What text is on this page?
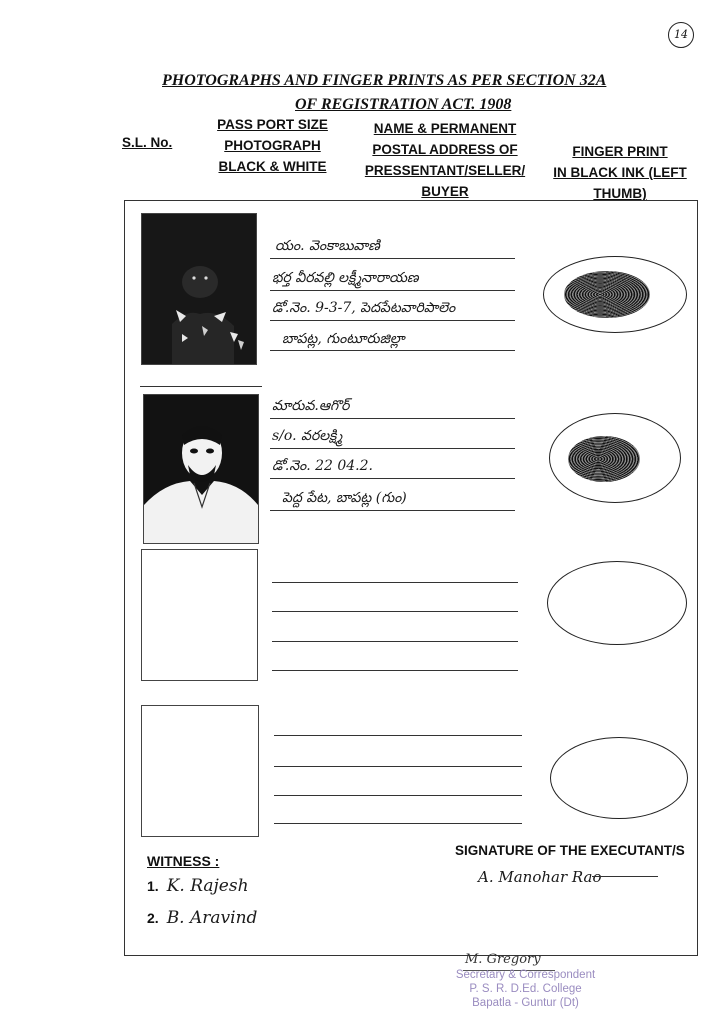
14
PHOTOGRAPHS AND FINGER PRINTS AS PER SECTION 32A
OF REGISTRATION ACT. 1908
S.L. No.
PASS PORT SIZE
PHOTOGRAPH
BLACK & WHITE
NAME & PERMANENT
POSTAL ADDRESS OF
PRESSENTANT/SELLER/
BUYER
FINGER PRINT
IN BLACK INK (LEFT
THUMB)
యం. వెంకాబువాణి
భర్త వీరవల్లి లక్ష్మీనారాయణ
డో.నెం. 9-3-7, పెదపేటవారిపాలెం
బాపట్ల, గుంటూరుజిల్లా
మారువ.ఆగొర్
s/o. వరలక్ష్మి
డో.నెం. 22 04.2.
పెద్ద పేట, బాపట్ల (గుం)
WITNESS :
1. K. Rajesh
2. B. Aravind
SIGNATURE OF THE EXECUTANT/S
A. Manohar Rao
M. Gregory
Secretary & Correspondent
P. S. R. D.Ed. College
Bapatla - Guntur (Dt)
